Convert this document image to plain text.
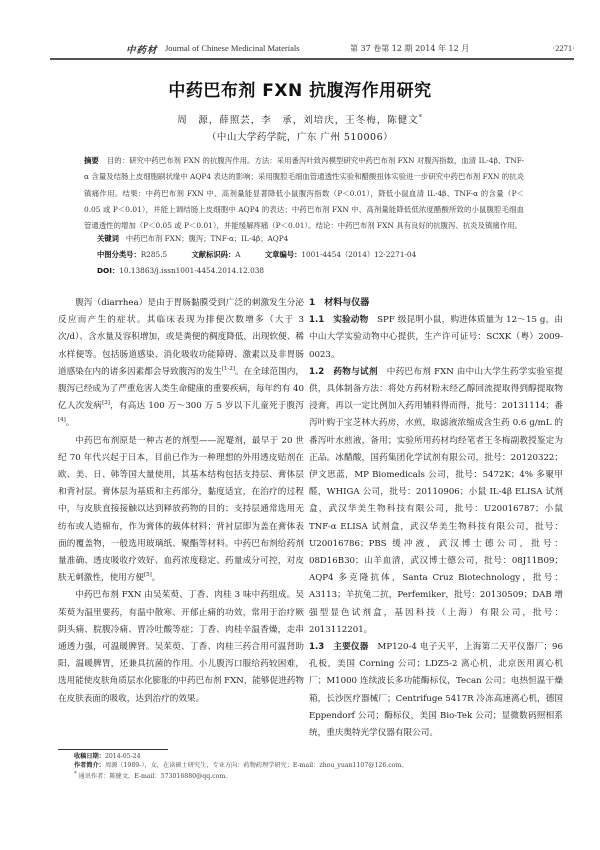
中药材 Journal of Chinese Medicinal Materials	第 37 卷第 12 期 2014 年 12 月	·2271·
中药巴布剂 FXN 抗腹泻作用研究
周　源，薛照芸，李　承，刘培庆，王冬梅，陈健文*
（中山大学药学院，广东 广州 510006）
摘要 目的：研究中药巴布剂 FXN 的抗腹泻作用。方法：采用番泻叶致泻模型研究中药巴布剂 FXN 对腹泻指数，血清 IL-4β、TNF-α 含量及结肠上皮细胞刷状缘中 AQP4 表达的影响；采用腹腔毛细血管通透性实验和醋酸扭体实验进一步研究中药巴布剂 FXN 的抗炎镇痛作用。结果：中药巴布剂 FXN 中、高剂量能显著降低小鼠腹泻指数（P＜0.01），降低小鼠血清 IL-4β、TNF-α 的含量（P＜0.05 或 P＜0.01），并能上调结肠上皮细胞中 AQP4 的表达；中药巴布剂 FXN 中、高剂量能降低低浓度醋酸所致的小鼠腹腔毛细血管通透性的增加（P＜0.05 或 P＜0.01），并能缓解疼痛（P＜0.01）。结论：中药巴布剂 FXN 具有良好的抗腹泻、抗炎及镇痛作用。
关键词 中药巴布剂 FXN；腹泻；TNF-α；IL-4β；AQP4
中图分类号：R285.5	文献标识码：A	文章编号：1001-4454（2014）12-2271-04
DOI：10.13863/j.issn1001-4454.2014.12.038

腹泻（diarrhea）是由于胃肠黏膜受到广泛的刺激发生分泌反应而产生的症状。其临床表现为排便次数增多（大于 3 次/d）、含水量及容积增加，或是粪便的稠度降低，出现软便、稀水样便等。包括肠道感染、消化吸收功能障碍、激素以及非胃肠道感染在内的诸多因素都会导致腹泻的发生[1-2]。在全球范围内，腹泻已经成为了严重危害人类生命健康的重要疾病，每年约有 40 亿人次发病[3]，有高达 100 万～300 万 5 岁以下儿童死于腹泻[4]。

中药巴布剂原是一种古老的剂型——泥罨剂，最早于 20 世纪 70 年代兴起于日本，目前已作为一种理想的外用透皮贴剂在欧、美、日、韩等国大量使用，其基本结构包括支持层、膏体层和背衬层。膏体层为基质和主药部分，黏度适宜，在治疗的过程中，与皮肤直接接触以达到释放药物的目的；支持层通常选用无纺布或人造棉布，作为膏体的载体材料；背衬层即为盖在膏体表面的覆盖物，一般选用玻璃纸、聚酯等材料。中药巴布剂给药剂量准确、透皮吸收疗效好、血药浓度稳定、药量成分可控，对皮肤无刺激性，使用方便[5]。

中药巴布剂 FXN 由吴茱萸、丁香、肉桂 3 味中药组成。吴茱萸为温里要药，有温中散寒、开郁止痛的功效，常用于治疗厥阴头痛、脘腹冷痛、胃冷吐酸等症；丁香、肉桂辛温香燥，走串通透力强，可温暖脾肾。吴茱萸、丁香、肉桂三药合用可温肾助阳、温暖脾胃，还兼具抗菌的作用。小儿腹泻口服给药较困难，选用能使皮肤角质层水化膨胀的中药巴布剂 FXN，能够促进药物在皮肤表面的吸收，达到治疗的效果。

1　材料与仪器

1.1　实验动物 SPF 级昆明小鼠，购进体质量为 12～15 g，由中山大学实验动物中心提供，生产许可证号：SCXK（粤）2009-0023。

1.2　药物与试剂 中药巴布剂 FXN 由中山大学生药学实验室提供，具体制备方法：将处方药材粉末经乙醇回流提取得到醇提取物浸膏，再以一定比例加入药用辅料得而得，批号：20131114；番泻叶购于宝芝林大药房，水煎，取滤液浓缩成含生药 0.6 g/mL 的番泻叶水煎液，备用；实验所用药材均经笔者王冬梅副教授鉴定为正品。冰醋酸，国药集团化学试剂有限公司，批号：20120322；伊文思蓝，MP Biomedicals 公司，批号：5472K；4% 多聚甲醛，WHIGA 公司，批号：20110906；小鼠 IL-4β ELISA 试剂盒，武汉华美生物科技有限公司，批号：U20016787；小鼠 TNF-α ELISA 试剂盒，武汉华美生物科技有限公司，批号：U20016786；PBS 缓冲液，武汉博士德公司，批号：08D16B30；山羊血清，武汉博士德公司，批号：08J11B09；AQP4 多克隆抗体，Santa Cruz Biotechnology，批号：A3113；羊抗兔二抗，Perfemiker，批号：20130509；DAB 增强型显色试剂盒，基因科技（上海）有限公司，批号：2013112201。

1.3　主要仪器 MP120-4 电子天平，上海第二天平仪器厂；96 孔板，美国 Corning 公司；LDZ5-2 离心机，北京医用离心机厂；M1000 连续波长多功能酶标仪，Tecan 公司；电热恒温干燥箱，长沙医疗器械厂；Centrifuge 5417R 冷冻高速离心机，德国 Eppendorf 公司；酶标仪，美国 Bio-Tek 公司；显微数码照相系统，重庆奥特光学仪器有限公司。

收稿日期：2014-05-24
作者简介：周源（1989-），女，在读硕士研究生，专业方向：药物药理学研究；E-mail：zhou_yuan1107@126.com。
* 通讯作者：陈健文，E-mail：573016880@qq.com。
